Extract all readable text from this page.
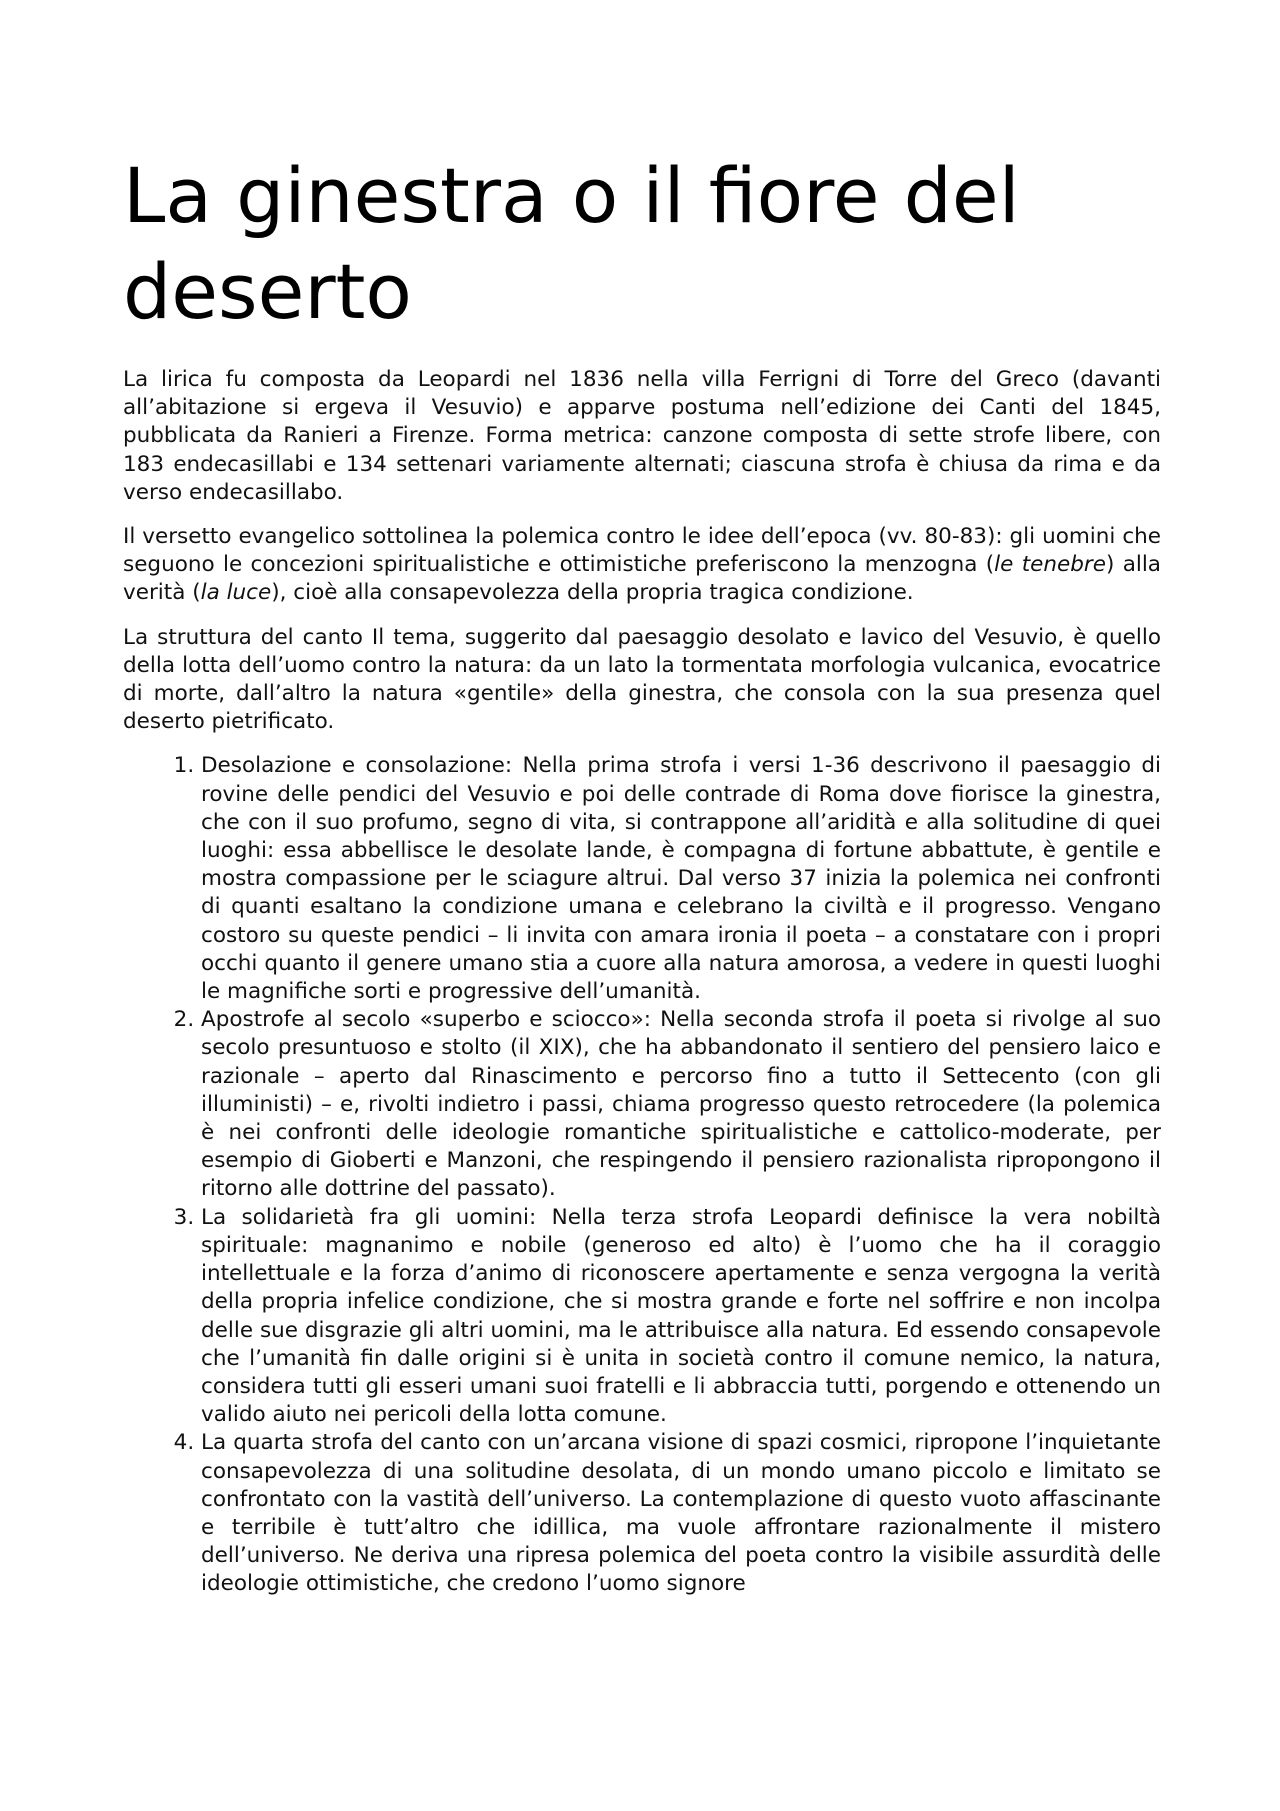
La ginestra o il fiore del deserto

La lirica fu composta da Leopardi nel 1836 nella villa Ferrigni di Torre del Greco (davanti all’abitazione si ergeva il Vesuvio) e apparve postuma nell’edizione dei Canti del 1845, pubblicata da Ranieri a Firenze. Forma metrica: canzone composta di sette strofe libere, con 183 endecasillabi e 134 settenari variamente alternati; ciascuna strofa è chiusa da rima e da verso endecasillabo.

Il versetto evangelico sottolinea la polemica contro le idee dell’epoca (vv. 80-83): gli uomini che seguono le concezioni spiritualistiche e ottimistiche preferiscono la menzogna (le tenebre) alla verità (la luce), cioè alla consapevolezza della propria tragica condizione.

La struttura del canto Il tema, suggerito dal paesaggio desolato e lavico del Vesuvio, è quello della lotta dell’uomo contro la natura: da un lato la tormentata morfologia vulcanica, evocatrice di morte, dall’altro la natura «gentile» della ginestra, che consola con la sua presenza quel deserto pietrificato.

1. Desolazione e consolazione: Nella prima strofa i versi 1-36 descrivono il paesaggio di rovine delle pendici del Vesuvio e poi delle contrade di Roma dove fiorisce la ginestra, che con il suo profumo, segno di vita, si contrappone all’aridità e alla solitudine di quei luoghi: essa abbellisce le desolate lande, è compagna di fortune abbattute, è gentile e mostra compassione per le sciagure altrui. Dal verso 37 inizia la polemica nei confronti di quanti esaltano la condizione umana e celebrano la civiltà e il progresso. Vengano costoro su queste pendici – li invita con amara ironia il poeta – a constatare con i propri occhi quanto il genere umano stia a cuore alla natura amorosa, a vedere in questi luoghi le magnifiche sorti e progressive dell’umanità.
2. Apostrofe al secolo «superbo e sciocco»: Nella seconda strofa il poeta si rivolge al suo secolo presuntuoso e stolto (il XIX), che ha abbandonato il sentiero del pensiero laico e razionale – aperto dal Rinascimento e percorso fino a tutto il Settecento (con gli illuministi) – e, rivolti indietro i passi, chiama progresso questo retrocedere (la polemica è nei confronti delle ideologie romantiche spiritualistiche e cattolico-moderate, per esempio di Gioberti e Manzoni, che respingendo il pensiero razionalista ripropongono il ritorno alle dottrine del passato).
3. La solidarietà fra gli uomini: Nella terza strofa Leopardi definisce la vera nobiltà spirituale: magnanimo e nobile (generoso ed alto) è l’uomo che ha il coraggio intellettuale e la forza d’animo di riconoscere apertamente e senza vergogna la verità della propria infelice condizione, che si mostra grande e forte nel soffrire e non incolpa delle sue disgrazie gli altri uomini, ma le attribuisce alla natura. Ed essendo consapevole che l’umanità fin dalle origini si è unita in società contro il comune nemico, la natura, considera tutti gli esseri umani suoi fratelli e li abbraccia tutti, porgendo e ottenendo un valido aiuto nei pericoli della lotta comune.
4. La quarta strofa del canto con un’arcana visione di spazi cosmici, ripropone l’inquietante consapevolezza di una solitudine desolata, di un mondo umano piccolo e limitato se confrontato con la vastità dell’universo. La contemplazione di questo vuoto affascinante e terribile è tutt’altro che idillica, ma vuole affrontare razionalmente il mistero dell’universo. Ne deriva una ripresa polemica del poeta contro la visibile assurdità delle ideologie ottimistiche, che credono l’uomo signore
